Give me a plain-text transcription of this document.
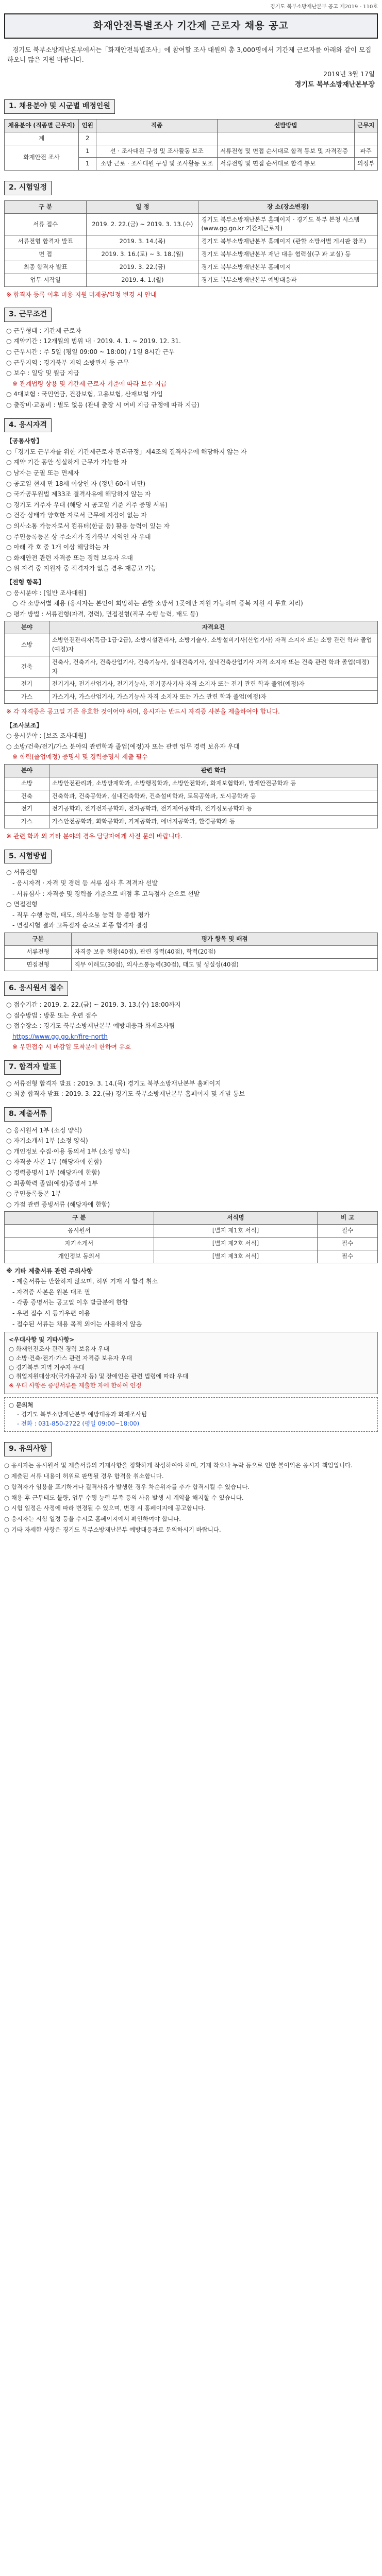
경기도 북부소방재난본부 공고 제2019 - 110호
화재안전특별조사 기간제 근로자 채용 공고

경기도 북부소방재난본부에서는「화재안전특별조사」에 참여할 조사 대원의 총 3,000명에서 기간제 근로자를 아래와 같이 모집하오니 많은 지원 바랍니다.

2019년 3월 17일
경기도 북부소방재난본부장
1. 채용분야 및 시군별 배정인원
채용분야 (직종별 근무지)	인원	직종	선발방법	근무지
계	2			
화재안전 조사	1	선 · 조사대원 구성 및 조사활동 보조	서류전형 및 면접 순서대로 합격 통보 및 자격검증	파주
	1	소방 근로 · 조사대원 구성 및 조사활동 보조	서류전형 및 면접 순서대로 합격 통보	의정부
2. 시험일정
구 분	일 정	장 소(장소변경)
서류 접수	2019. 2. 22.(금) ~ 2019. 3. 13.(수)	경기도 북부소방재난본부 홈페이지 · 경기도 북부 본청 시스템 (www.gg.go.kr 기간제근로자)
서류전형 합격자 발표	2019. 3. 14.(목)	경기도 북부소방재난본부 홈페이지 (관할 소방서별 게시판 참조)
면 접	2019. 3. 16.(토) ~ 3. 18.(월)	경기도 북부소방재난본부 재난 대응 협력실(구 과 교실) 등
최종 합격자 발표	2019. 3. 22.(금)	경기도 북부소방재난본부 홈페이지
업무 시작일	2019. 4. 1.(월)	경기도 북부소방재난본부 예방대응과

※ 합격자 등록 이후 비용 지원 미제공/일정 변경 시 안내

3. 근무조건

○ 근무형태 : 기간제 근로자

○ 계약기간 : 12개월의 범위 내 · 2019. 4. 1. ~ 2019. 12. 31.

○ 근무시간 : 주 5일 (평일 09:00 ~ 18:00) / 1일 8시간 근무

○ 근무지역 : 경기북부 지역 소방관서 등 근무

○ 보수 : 일당 및 월급 지급

※ 관계법령 상용 및 기간제 근로자 기준에 따라 보수 지급

○ 4대보험 : 국민연금, 건강보험, 고용보험, 산재보험 가입

○ 출장비·교통비 : 별도 없음 (관내 출장 시 여비 지급 규정에 따라 지급)

4. 응시자격

【공통사항】

○「경기도 근무자를 위한 기간제근로자 관리규정」제4조의 결격사유에 해당하지 않는 자

○ 계약 기간 동안 성실하게 근무가 가능한 자

○ 남자는 군필 또는 면제자

○ 공고일 현재 만 18세 이상인 자 (정년 60세 미만)

○ 국가공무원법 제33조 결격사유에 해당하지 않는 자

○ 경기도 거주자 우대 (해당 시 공고일 기준 거주 증명 서류)

○ 건강 상태가 양호한 자로서 근무에 지장이 없는 자

○ 의사소통 가능자로서 컴퓨터(한글 등) 활용 능력이 있는 자

○ 주민등록등본 상 주소지가 경기북부 지역인 자 우대

○ 아래 각 호 중 1개 이상 해당하는 자

○ 화재안전 관련 자격증 또는 경력 보유자 우대

○ 위 자격 중 지원자 중 적격자가 없을 경우 재공고 가능

【전형 항목】

○ 응시분야 : [일반 조사대원]

○ 각 소방서별 채용 (응시자는 본인이 희망하는 관할 소방서 1곳에만 지원 가능하며 중복 지원 시 무효 처리)

○ 평가 방법 : 서류전형(자격, 경력), 면접전형(직무 수행 능력, 태도 등)

분야	자격요건
소방	소방안전관리자(특급·1급·2급), 소방시설관리사, 소방기술사, 소방설비기사(산업기사) 자격 소지자 또는 소방 관련 학과 졸업(예정)자
건축	건축사, 건축기사, 건축산업기사, 건축기능사, 실내건축기사, 실내건축산업기사 자격 소지자 또는 건축 관련 학과 졸업(예정)자
전기	전기기사, 전기산업기사, 전기기능사, 전기공사기사 자격 소지자 또는 전기 관련 학과 졸업(예정)자
가스	가스기사, 가스산업기사, 가스기능사 자격 소지자 또는 가스 관련 학과 졸업(예정)자

※ 각 자격증은 공고일 기준 유효한 것이어야 하며, 응시자는 반드시 자격증 사본을 제출하여야 합니다.

【조사보조】

○ 응시분야 : [보조 조사대원]

○ 소방/건축/전기/가스 분야의 관련학과 졸업(예정)자 또는 관련 업무 경력 보유자 우대

※ 학력(졸업예정) 증명서 및 경력증명서 제출 필수

분야	관련 학과
소방	소방안전관리과, 소방방재학과, 소방행정학과, 소방안전학과, 화재보험학과, 방재안전공학과 등
건축	건축학과, 건축공학과, 실내건축학과, 건축설비학과, 토목공학과, 도시공학과 등
전기	전기공학과, 전기전자공학과, 전자공학과, 전기제어공학과, 전기정보공학과 등
가스	가스안전공학과, 화학공학과, 기계공학과, 에너지공학과, 환경공학과 등

※ 관련 학과 외 기타 분야의 경우 담당자에게 사전 문의 바랍니다.

5. 시험방법

○ 서류전형

- 응시자격 · 자격 및 경력 등 서류 심사 후 적격자 선발

- 서류심사 : 자격증 및 경력을 기준으로 배점 후 고득점자 순으로 선발

○ 면접전형

- 직무 수행 능력, 태도, 의사소통 능력 등 종합 평가

- 면접시험 결과 고득점자 순으로 최종 합격자 결정

구분	평가 항목 및 배점
서류전형	자격증 보유 현황(40점), 관련 경력(40점), 학력(20점)
면접전형	직무 이해도(30점), 의사소통능력(30점), 태도 및 성실성(40점)
6. 응시원서 접수

○ 접수기간 : 2019. 2. 22.(금) ~ 2019. 3. 13.(수) 18:00까지

○ 접수방법 : 방문 또는 우편 접수

○ 접수장소 : 경기도 북부소방재난본부 예방대응과 화재조사팀

https://www.gg.go.kr/fire-north

※ 우편접수 시 마감일 도착분에 한하여 유효

7. 합격자 발표

○ 서류전형 합격자 발표 : 2019. 3. 14.(목) 경기도 북부소방재난본부 홈페이지

○ 최종 합격자 발표 : 2019. 3. 22.(금) 경기도 북부소방재난본부 홈페이지 및 개별 통보

8. 제출서류

○ 응시원서 1부 (소정 양식)

○ 자기소개서 1부 (소정 양식)

○ 개인정보 수집·이용 동의서 1부 (소정 양식)

○ 자격증 사본 1부 (해당자에 한함)

○ 경력증명서 1부 (해당자에 한함)

○ 최종학력 졸업(예정)증명서 1부

○ 주민등록등본 1부

○ 가점 관련 증빙서류 (해당자에 한함)

구 분	서식명	비 고
응시원서	[별지 제1호 서식]	필수
자기소개서	[별지 제2호 서식]	필수
개인정보 동의서	[별지 제3호 서식]	필수

※ 기타 제출서류 관련 주의사항

- 제출서류는 반환하지 않으며, 허위 기재 시 합격 취소

- 자격증 사본은 원본 대조 필

- 각종 증명서는 공고일 이후 발급분에 한함

- 우편 접수 시 등기우편 이용

- 접수된 서류는 채용 목적 외에는 사용하지 않음

<우대사항 및 기타사항>

○ 화재안전조사 관련 경력 보유자 우대

○ 소방·건축·전기·가스 관련 자격증 보유자 우대

○ 경기북부 지역 거주자 우대

○ 취업지원대상자(국가유공자 등) 및 장애인은 관련 법령에 따라 우대

※ 우대 사항은 증빙서류를 제출한 자에 한하여 인정

○ 문의처

- 경기도 북부소방재난본부 예방대응과 화재조사팀

- 전화 : 031-850-2722 (평일 09:00~18:00)

9. 유의사항

○ 응시자는 응시원서 및 제출서류의 기재사항을 정확하게 작성하여야 하며, 기재 착오나 누락 등으로 인한 불이익은 응시자 책임입니다.

○ 제출된 서류 내용이 허위로 판명될 경우 합격을 취소합니다.

○ 합격자가 임용을 포기하거나 결격사유가 발생한 경우 차순위자를 추가 합격시킬 수 있습니다.

○ 채용 후 근무태도 불량, 업무 수행 능력 부족 등의 사유 발생 시 계약을 해지할 수 있습니다.

○ 시험 일정은 사정에 따라 변경될 수 있으며, 변경 시 홈페이지에 공고합니다.

○ 응시자는 시험 일정 등을 수시로 홈페이지에서 확인하여야 합니다.

○ 기타 자세한 사항은 경기도 북부소방재난본부 예방대응과로 문의하시기 바랍니다.
